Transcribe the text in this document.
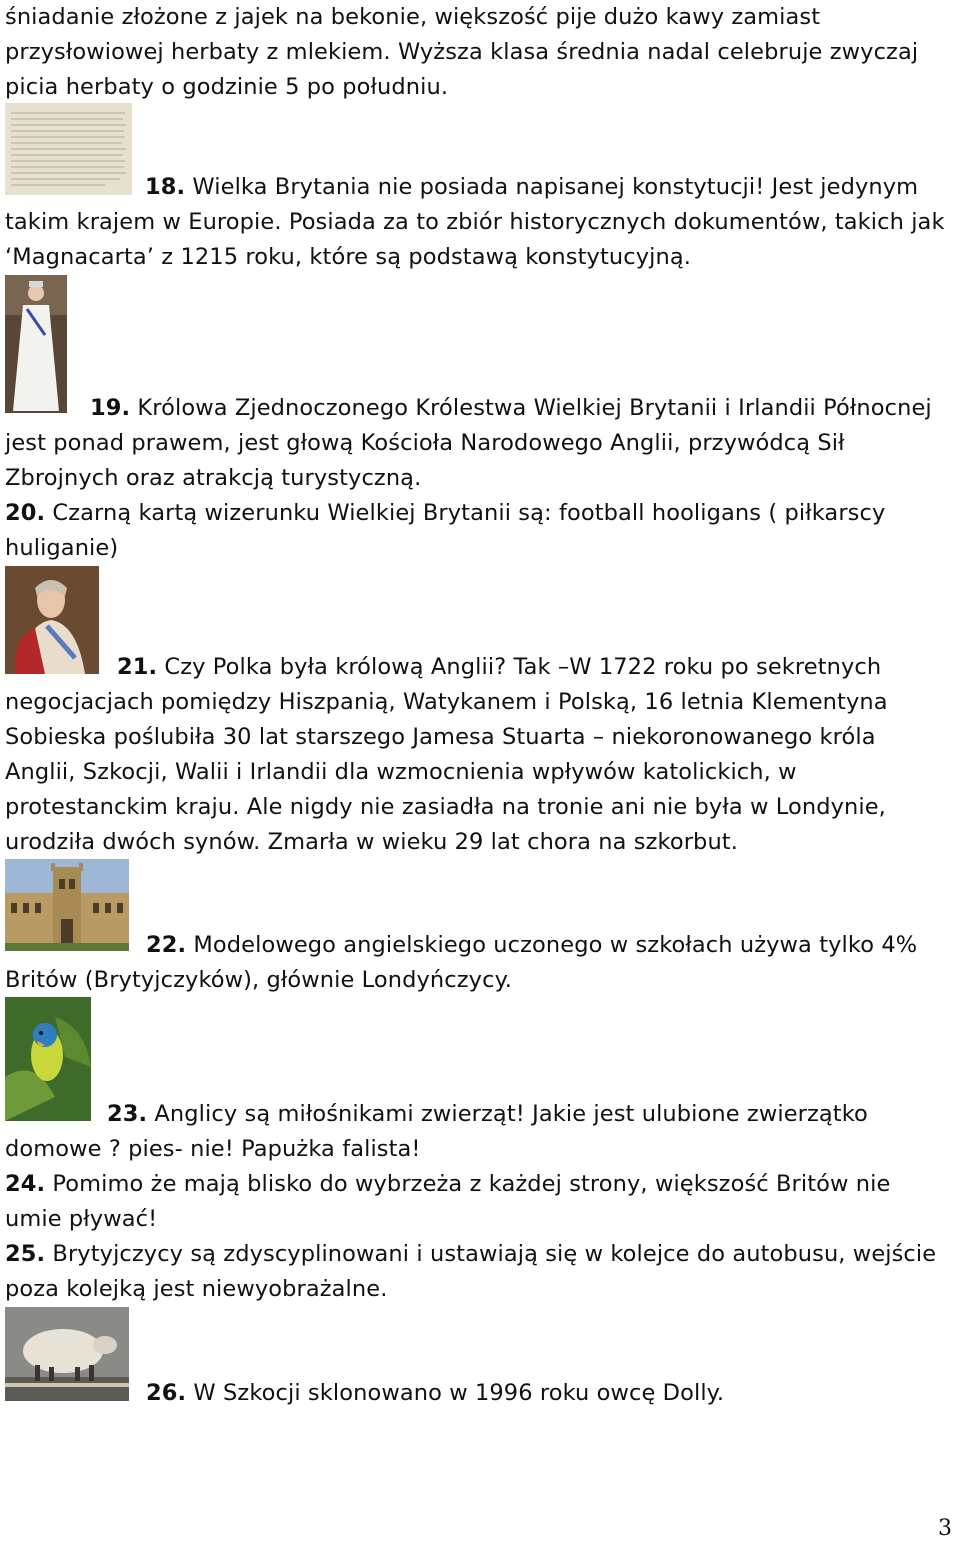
śniadanie złożone z jajek na bekonie, większość pije dużo kawy zamiast
przysłowiowej herbaty z mlekiem. Wyższa klasa średnia nadal celebruje zwyczaj
picia herbaty o godzinie 5 po południu.
18. Wielka Brytania nie posiada napisanej konstytucji! Jest jedynym takim krajem w Europie. Posiada za to zbiór historycznych dokumentów, takich jak ‘Magnacarta’ z 1215 roku, które są podstawą konstytucyjną.
19. Królowa Zjednoczonego Królestwa Wielkiej Brytanii i Irlandii Północnej jest ponad prawem, jest głową Kościoła Narodowego Anglii, przywódcą Sił Zbrojnych oraz atrakcją turystyczną.
20. Czarną kartą wizerunku Wielkiej Brytanii są: football hooligans ( piłkarscy huliganie)
21. Czy Polka była królową Anglii? Tak –W 1722 roku po sekretnych negocjacjach pomiędzy Hiszpanią, Watykanem i Polską, 16 letnia Klementyna Sobieska poślubiła 30 lat starszego Jamesa Stuarta – niekoronowanego króla Anglii, Szkocji, Walii i Irlandii dla wzmocnienia wpływów katolickich, w protestanckim kraju. Ale nigdy nie zasiadła na tronie ani nie była w Londynie, urodziła dwóch synów. Zmarła w wieku 29 lat chora na szkorbut.
22. Modelowego angielskiego uczonego w szkołach używa tylko 4% Britów (Brytyjczyków), głównie Londyńczycy.
23. Anglicy są miłośnikami zwierząt! Jakie jest ulubione zwierzątko domowe ? pies- nie! Papużka falista!
24. Pomimo że mają blisko do wybrzeża z każdej strony, większość Britów nie umie pływać!
25. Brytyjczycy są zdyscyplinowani i ustawiają się w kolejce do autobusu, wejście poza kolejką jest niewyobrażalne.
26. W Szkocji sklonowano w 1996 roku owcę Dolly.
3
